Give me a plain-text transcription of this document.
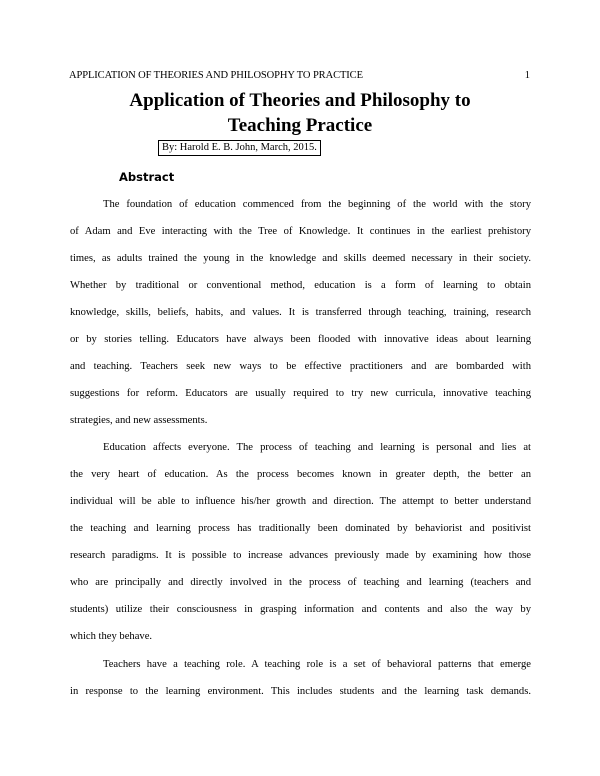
APPLICATION OF THEORIES AND PHILOSOPHY TO PRACTICE	1
Application of Theories and Philosophy to
Teaching Practice
By: Harold E. B. John, March, 2015.
Abstract
The foundation of education commenced from the beginning of the world with the story
of Adam and Eve interacting with the Tree of Knowledge. It continues in the earliest prehistory
times, as adults trained the young in the knowledge and skills deemed necessary in their society.
Whether by traditional or conventional method, education is a form of learning to obtain
knowledge, skills, beliefs, habits, and values. It is transferred through teaching, training, research
or by stories telling. Educators have always been flooded with innovative ideas about learning
and teaching. Teachers seek new ways to be effective practitioners and are bombarded with
suggestions for reform. Educators are usually required to try new curricula, innovative teaching
strategies, and new assessments.
Education affects everyone. The process of teaching and learning is personal and lies at
the very heart of education. As the process becomes known in greater depth, the better an
individual will be able to influence his/her growth and direction. The attempt to better understand
the teaching and learning process has traditionally been dominated by behaviorist and positivist
research paradigms. It is possible to increase advances previously made by examining how those
who are principally and directly involved in the process of teaching and learning (teachers and
students) utilize their consciousness in grasping information and contents and also the way by
which they behave.
Teachers have a teaching role. A teaching role is a set of behavioral patterns that emerge
in response to the learning environment. This includes students and the learning task demands.
